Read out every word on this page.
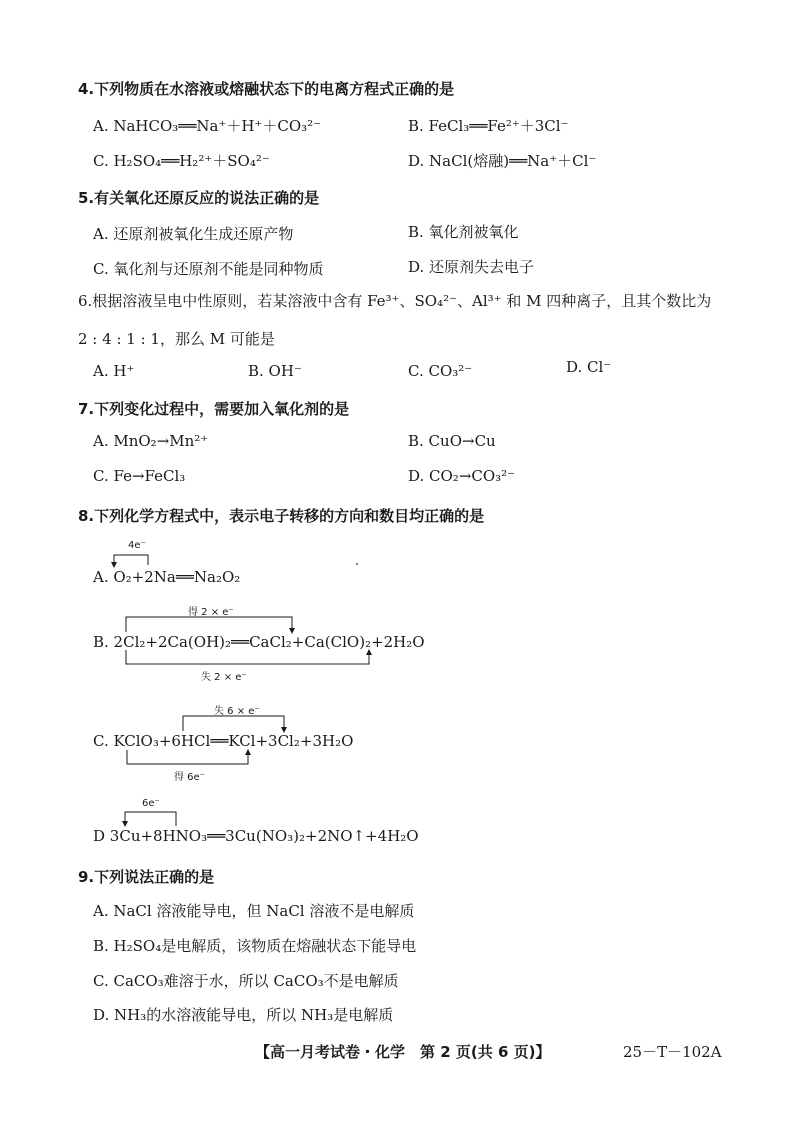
4.下列物质在水溶液或熔融状态下的电离方程式正确的是
A. NaHCO₃══Na⁺＋H⁺＋CO₃²⁻	B. FeCl₃══Fe²⁺＋3Cl⁻
C. H₂SO₄══H₂²⁺＋SO₄²⁻	D. NaCl(熔融)══Na⁺＋Cl⁻
5.有关氧化还原反应的说法正确的是
A. 还原剂被氧化生成还原产物	B. 氧化剂被氧化
C. 氧化剂与还原剂不能是同种物质	D. 还原剂失去电子
6.根据溶液呈电中性原则，若某溶液中含有 Fe³⁺、SO₄²⁻、Al³⁺ 和 M 四种离子，且其个数比为
2 : 4 : 1 : 1，那么 M 可能是
A. H⁺	B. OH⁻	C. CO₃²⁻	D. Cl⁻
7.下列变化过程中，需要加入氧化剂的是
A. MnO₂→Mn²⁺	B. CuO→Cu
C. Fe→FeCl₃	D. CO₂→CO₃²⁻
8.下列化学方程式中，表示电子转移的方向和数目均正确的是
4e⁻
A. O₂+2Na══Na₂O₂
得 2 × e⁻
B. 2Cl₂+2Ca(OH)₂══CaCl₂+Ca(ClO)₂+2H₂O
失 2 × e⁻
失 6 × e⁻
C. KClO₃+6HCl══KCl+3Cl₂+3H₂O
得 6e⁻
6e⁻
D 3Cu+8HNO₃══3Cu(NO₃)₂+2NO↑+4H₂O
9.下列说法正确的是
A. NaCl 溶液能导电，但 NaCl 溶液不是电解质
B. H₂SO₄是电解质，该物质在熔融状态下能导电
C. CaCO₃难溶于水，所以 CaCO₃不是电解质
D. NH₃的水溶液能导电，所以 NH₃是电解质
【高一月考试卷・化学　第 2 页(共 6 页)】	25－T－102A
